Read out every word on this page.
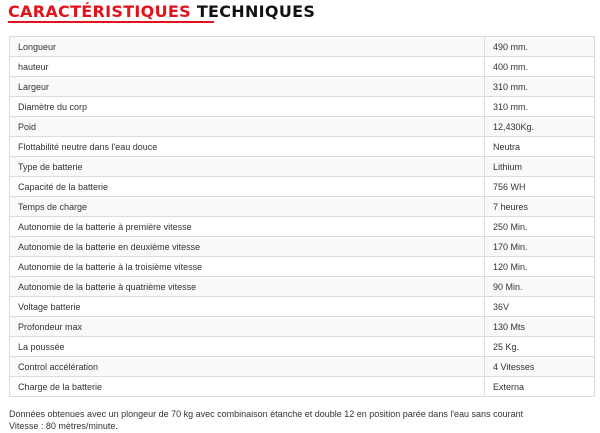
CARACTÉRISTIQUES TECHNIQUES
Longueur	490 mm.
hauteur	400 mm.
Largeur	310 mm.
Diamètre du corp	310 mm.
Poid	12,430Kg.
Flottabilité neutre dans l'eau douce	Neutra
Type de batterie	Lithium
Capacité de la batterie	756 WH
Temps de charge	7 heures
Autonomie de la batterie à première vitesse	250 Min.
Autonomie de la batterie en deuxième vitesse	170 Min.
Autonomie de la batterie à la troisième vitesse	120 Min.
Autonomie de la batterie à quatrième vitesse	90 Min.
Voltage batterie	36V
Profondeur max	130 Mts
La poussée	25 Kg.
Control accélération	4 Vitesses
Charge de la batterie	Externa

Données obtenues avec un plongeur de 70 kg avec combinaison étanche et double 12 en position parée dans l'eau sans courant
Vitesse : 80 mètres/minute.
